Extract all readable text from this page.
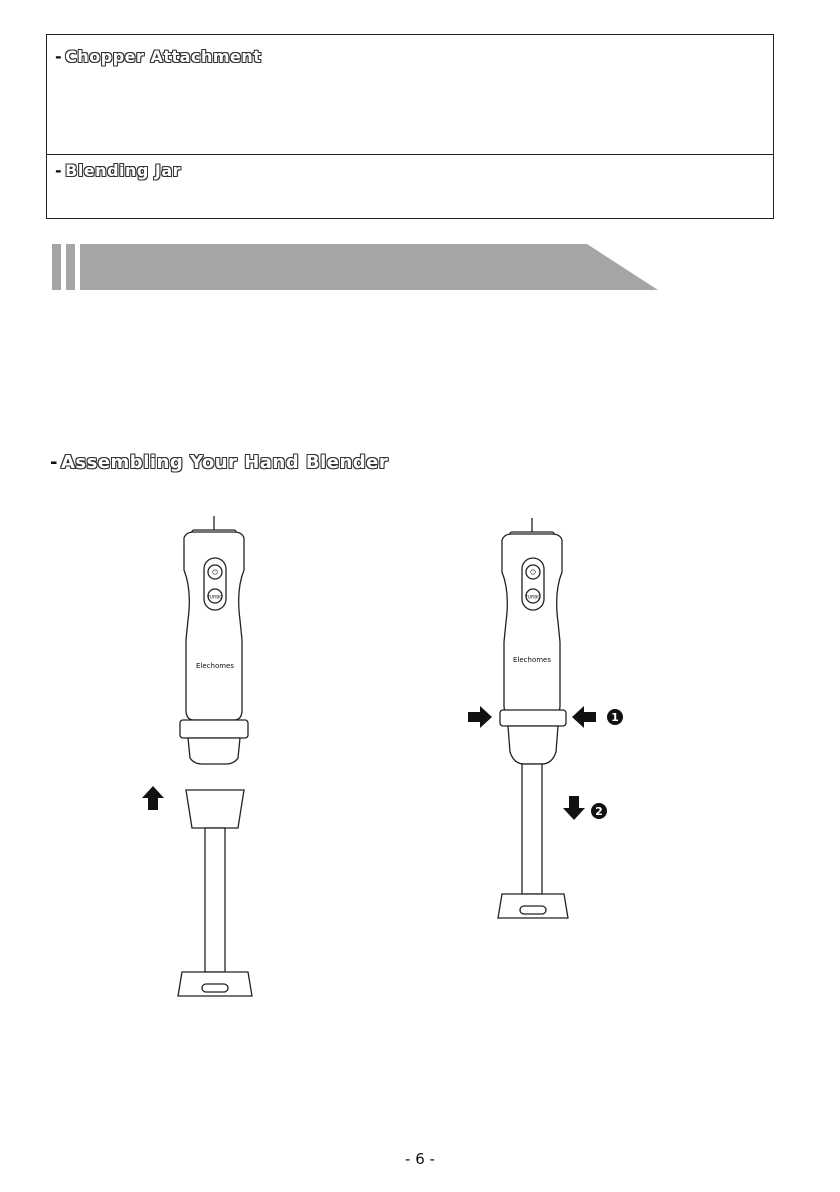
- Chopper Attachment
- Blending Jar
- Assembling Your Hand Blender
⏻
TURBO
Elechomes
⏻
TURBO
Elechomes
1
2
- 6 -
